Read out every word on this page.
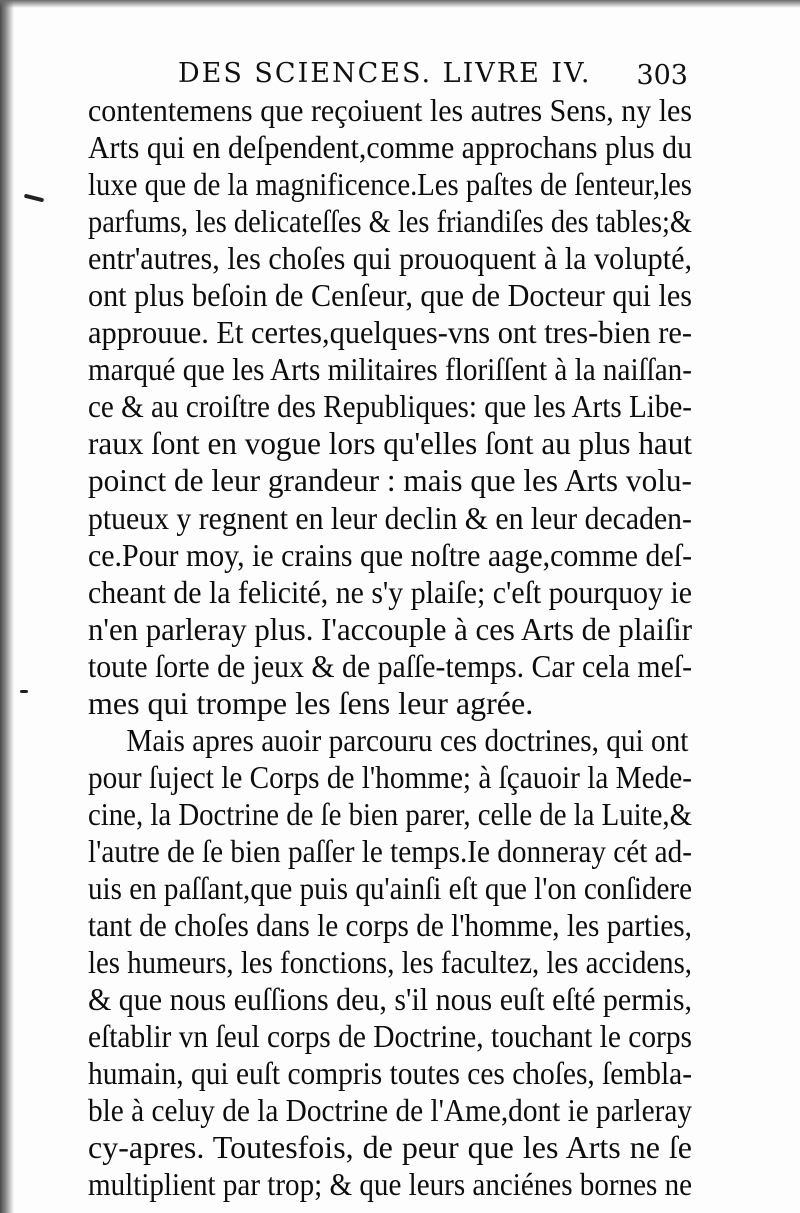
DES SCIENCES. LIVRE IV. 303
contentemens que reçoiuent les autres Sens, ny les
Arts qui en deſpendent,comme approchans plus du
luxe que de la magnificence.Les paſtes de ſenteur,les
parfums, les delicateſſes & les friandiſes des tables;&
entr'autres, les choſes qui prouoquent à la volupté,
ont plus beſoin de Cenſeur, que de Docteur qui les
approuue. Et certes,quelques-vns ont tres-bien re-
marqué que les Arts militaires floriſſent à la naiſſan-
ce & au croiſtre des Republiques: que les Arts Libe-
raux ſont en vogue lors qu'elles ſont au plus haut
poinct de leur grandeur : mais que les Arts volu-
ptueux y regnent en leur declin & en leur decaden-
ce.Pour moy, ie crains que noſtre aage,comme deſ-
cheant de la felicité, ne s'y plaiſe; c'eſt pourquoy ie
n'en parleray plus. I'accouple à ces Arts de plaiſir
toute ſorte de jeux & de paſſe-temps. Car cela meſ-
mes qui trompe les ſens leur agrée.
Mais apres auoir parcouru ces doctrines, qui ont
pour ſuject le Corps de l'homme; à ſçauoir la Mede-
cine, la Doctrine de ſe bien parer, celle de la Luite,&
l'autre de ſe bien paſſer le temps.Ie donneray cét ad-
uis en paſſant,que puis qu'ainſi eſt que l'on conſidere
tant de choſes dans le corps de l'homme, les parties,
les humeurs, les fonctions, les facultez, les accidens,
& que nous euſſions deu, s'il nous euſt eſté permis,
eſtablir vn ſeul corps de Doctrine, touchant le corps
humain, qui euſt compris toutes ces choſes, ſembla-
ble à celuy de la Doctrine de l'Ame,dont ie parleray
cy-apres. Toutesfois, de peur que les Arts ne ſe
multiplient par trop; & que leurs anciénes bornes ne
